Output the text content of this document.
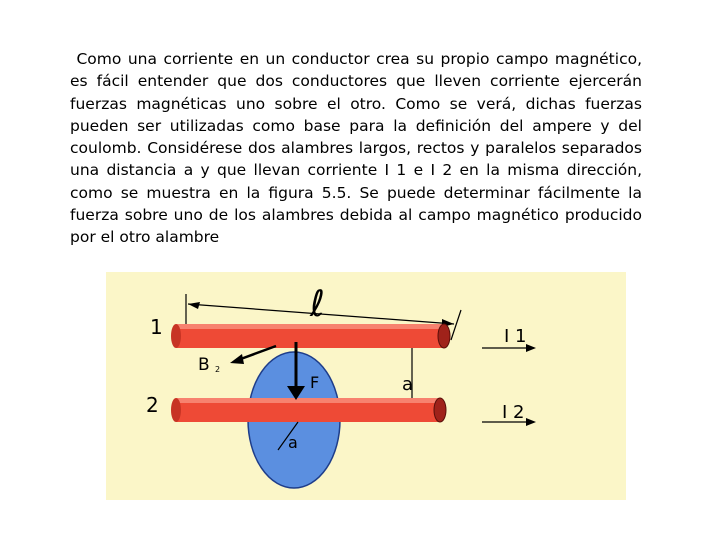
Como una corriente en un conductor crea su propio campo magnético, es fácil entender que dos conductores que lleven corriente ejercerán fuerzas magnéticas uno sobre el otro. Como se verá, dichas fuerzas pueden ser utilizadas como base para la definición del ampere y del coulomb. Considérese dos alambres largos, rectos y paralelos separados una distancia a y que llevan corriente I 1 e I 2 en la misma dirección, como se muestra en la figura 5.5. Se puede determinar fácilmente la fuerza sobre uno de los alambres debida al campo magnético producido por el otro alambre

1
2
ℓ
B 2
F	a
a
I 1
I 2
